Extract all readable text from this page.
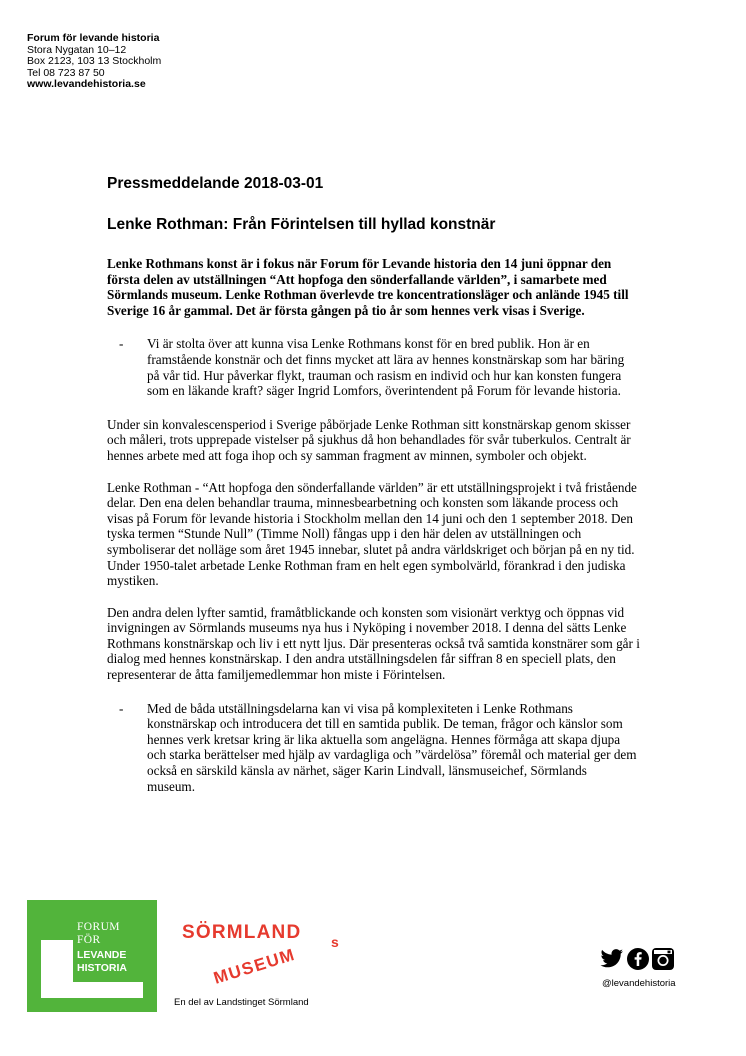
Forum för levande historia
Stora Nygatan 10–12
Box 2123, 103 13 Stockholm
Tel 08 723 87 50
www.levandehistoria.se

Pressmeddelande 2018-03-01

Lenke Rothman: Från Förintelsen till hyllad konstnär

Lenke Rothmans konst är i fokus när Forum för Levande historia den 14 juni öppnar den första delen av utställningen “Att hopfoga den sönderfallande världen”, i samarbete med Sörmlands museum. Lenke Rothman överlevde tre koncentrationsläger och anlände 1945 till Sverige 16 år gammal. Det är första gången på tio år som hennes verk visas i Sverige.

-	Vi är stolta över att kunna visa Lenke Rothmans konst för en bred publik. Hon är en framstående konstnär och det finns mycket att lära av hennes konstnärskap som har bäring på vår tid. Hur påverkar flykt, trauman och rasism en individ och hur kan konsten fungera som en läkande kraft? säger Ingrid Lomfors, överintendent på Forum för levande historia.

Under sin konvalescensperiod i Sverige påbörjade Lenke Rothman sitt konstnärskap genom skisser och måleri, trots upprepade vistelser på sjukhus då hon behandlades för svår tuberkulos. Centralt är hennes arbete med att foga ihop och sy samman fragment av minnen, symboler och objekt.

Lenke Rothman - “Att hopfoga den sönderfallande världen” är ett utställningsprojekt i två fristående delar. Den ena delen behandlar trauma, minnesbearbetning och konsten som läkande process och visas på Forum för levande historia i Stockholm mellan den 14 juni och den 1 september 2018. Den tyska termen “Stunde Null” (Timme Noll) fångas upp i den här delen av utställningen och symboliserar det nolläge som året 1945 innebar, slutet på andra världskriget och början på en ny tid. Under 1950-talet arbetade Lenke Rothman fram en helt egen symbolvärld, förankrad i den judiska mystiken.

Den andra delen lyfter samtid, framåtblickande och konsten som visionärt verktyg och öppnas vid invigningen av Sörmlands museums nya hus i Nyköping i november 2018. I denna del sätts Lenke Rothmans konstnärskap och liv i ett nytt ljus. Där presenteras också två samtida konstnärer som går i dialog med hennes konstnärskap. I den andra utställningsdelen får siffran 8 en speciell plats, den representerar de åtta familjemedlemmar hon miste i Förintelsen.

-	Med de båda utställningsdelarna kan vi visa på komplexiteten i Lenke Rothmans konstnärskap och introducera det till en samtida publik. De teman, frågor och känslor som hennes verk kretsar kring är lika aktuella som angelägna. Hennes förmåga att skapa djupa och starka berättelser med hjälp av vardagliga och ”värdelösa” föremål och material ger dem också en särskild känsla av närhet, säger Karin Lindvall, länsmuseichef, Sörmlands museum.
FORUM
FÖR
LEVANDE
HISTORIA
SÖRMLAND s
MUSEUM
En del av Landstinget Sörmland
@levandehistoria
